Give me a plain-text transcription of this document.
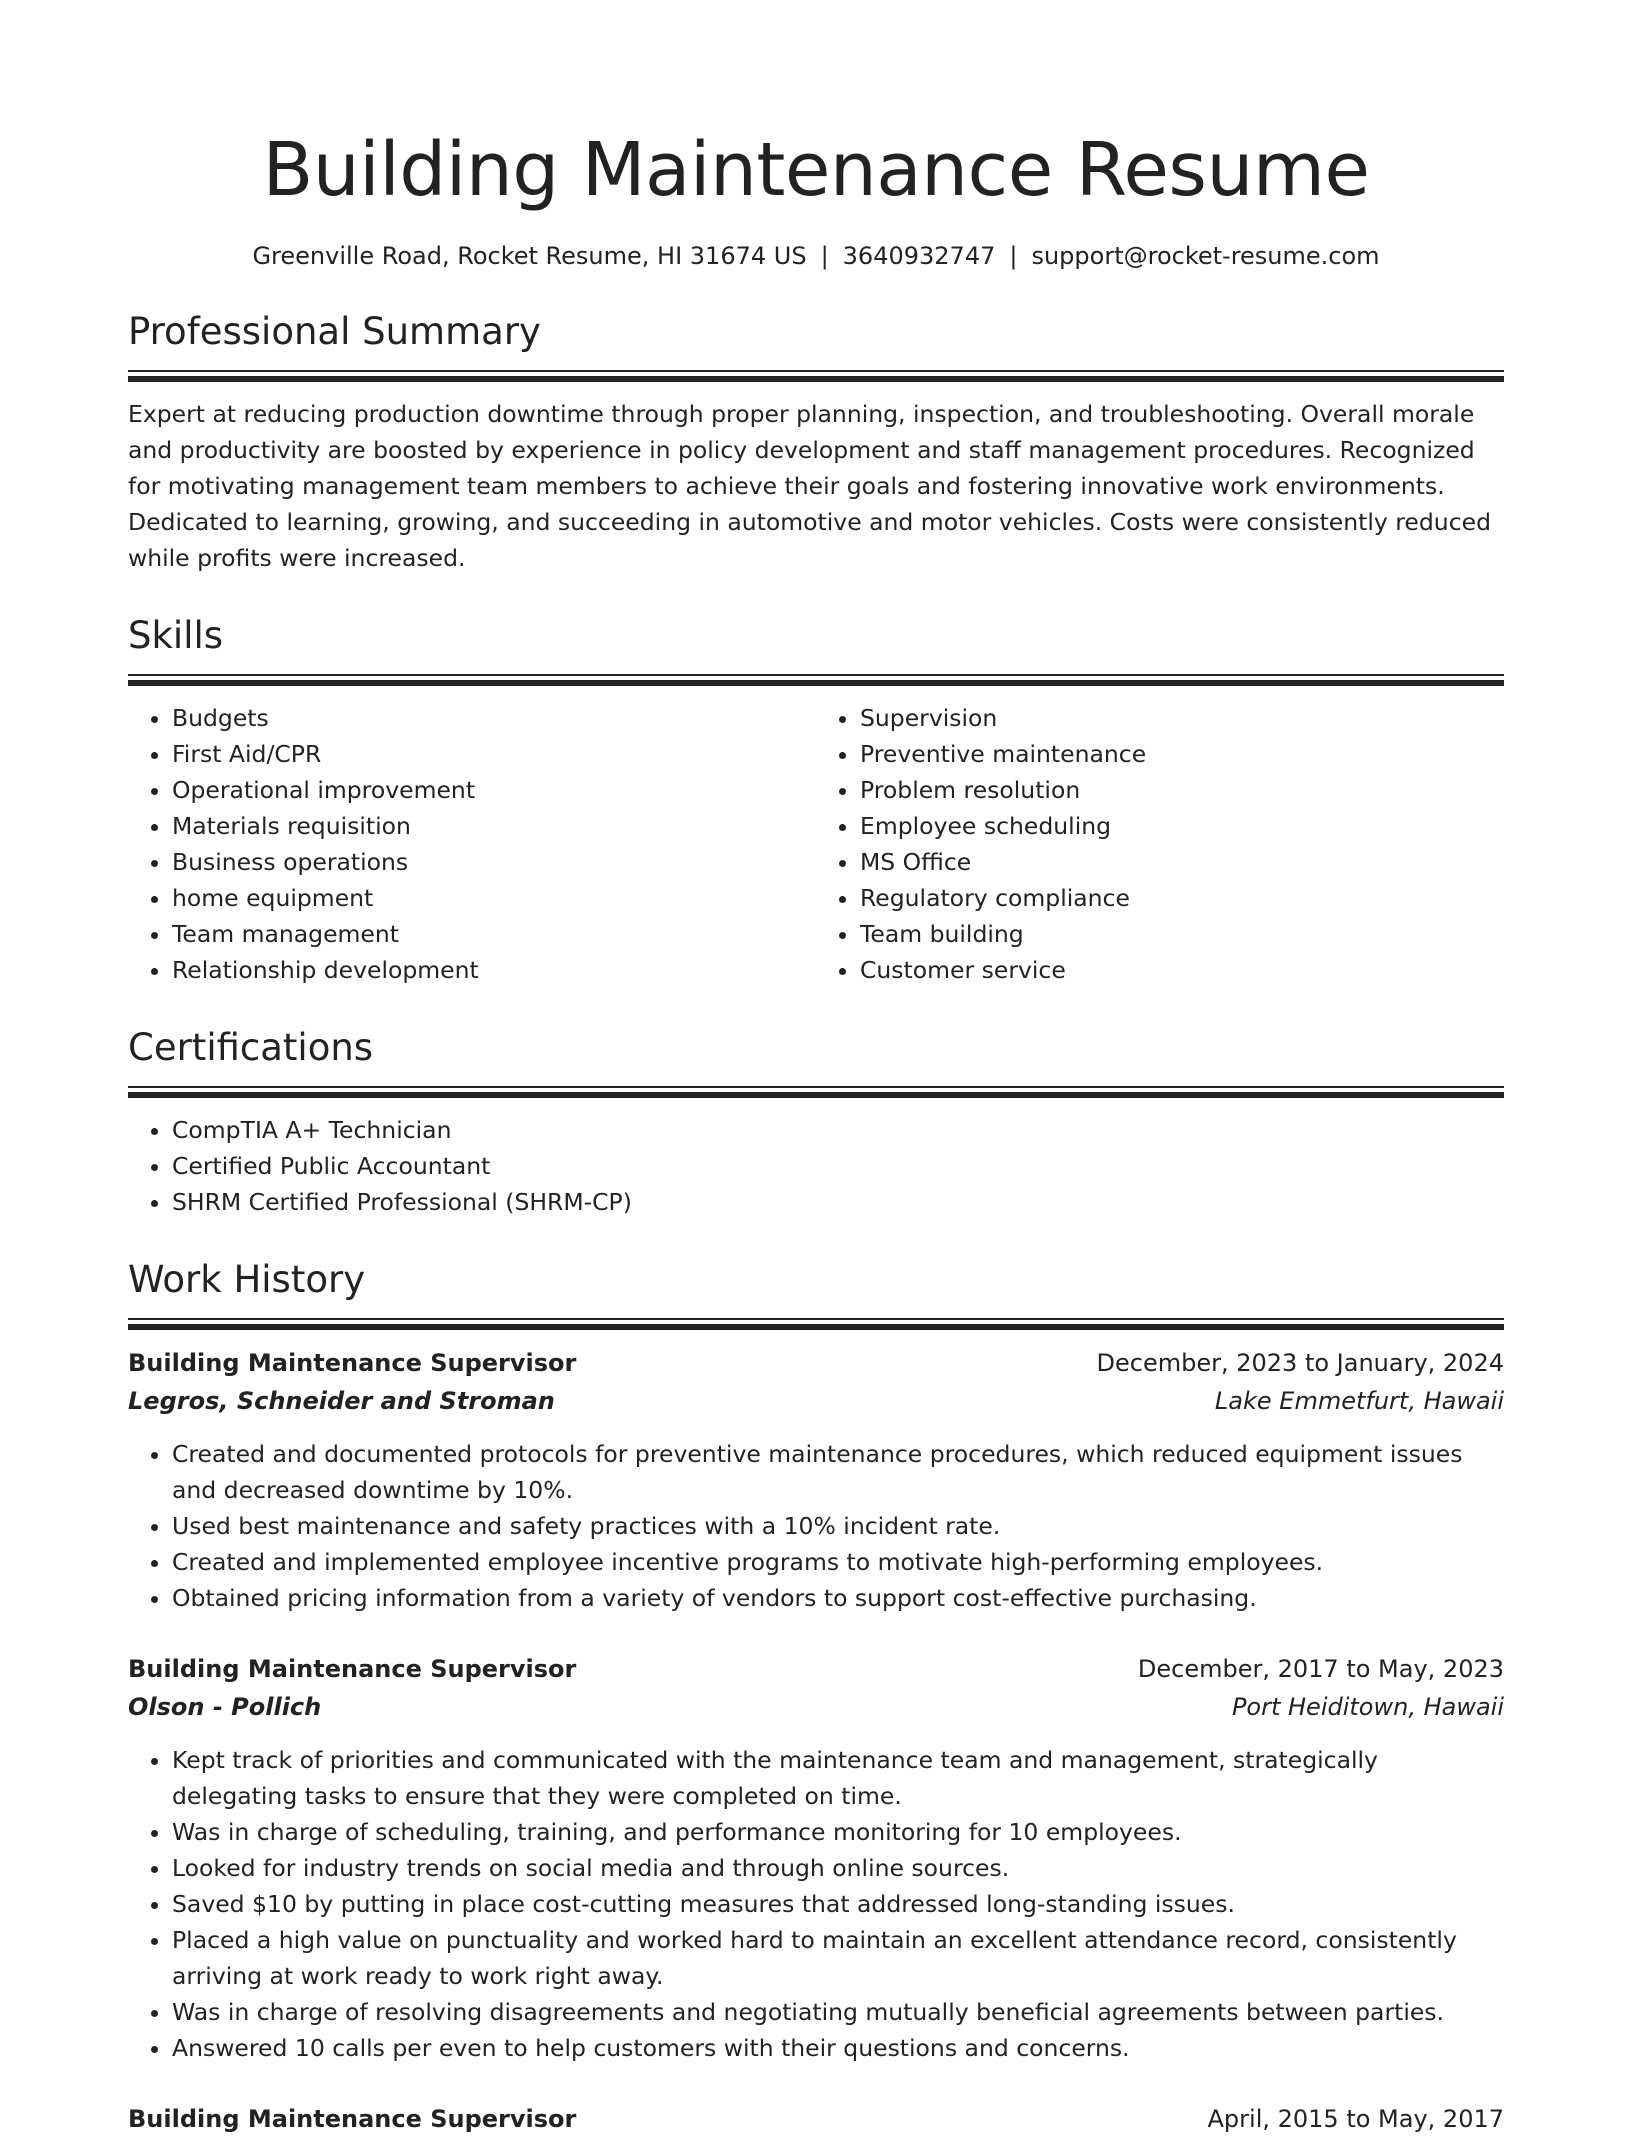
Building Maintenance Resume
Greenville Road, Rocket Resume, HI 31674 US | 3640932747 | support@rocket-resume.com
Professional Summary

Expert at reducing production downtime through proper planning, inspection, and troubleshooting. Overall morale and productivity are boosted by experience in policy development and staff management procedures. Recognized for motivating management team members to achieve their goals and fostering innovative work environments. Dedicated to learning, growing, and succeeding in automotive and motor vehicles. Costs were consistently reduced while profits were increased.

Skills
• Budgets
• First Aid/CPR
• Operational improvement
• Materials requisition
• Business operations
• home equipment
• Team management
• Relationship development
• Supervision
• Preventive maintenance
• Problem resolution
• Employee scheduling
• MS Office
• Regulatory compliance
• Team building
• Customer service
Certifications
• CompTIA A+ Technician
• Certified Public Accountant
• SHRM Certified Professional (SHRM-CP)
Work History
Building Maintenance Supervisor	December, 2023 to January, 2024
Legros, Schneider and Stroman	Lake Emmetfurt, Hawaii
• Created and documented protocols for preventive maintenance procedures, which reduced equipment issues and decreased downtime by 10%.
• Used best maintenance and safety practices with a 10% incident rate.
• Created and implemented employee incentive programs to motivate high-performing employees.
• Obtained pricing information from a variety of vendors to support cost-effective purchasing.
Building Maintenance Supervisor	December, 2017 to May, 2023
Olson - Pollich	Port Heiditown, Hawaii
• Kept track of priorities and communicated with the maintenance team and management, strategically delegating tasks to ensure that they were completed on time.
• Was in charge of scheduling, training, and performance monitoring for 10 employees.
• Looked for industry trends on social media and through online sources.
• Saved $10 by putting in place cost-cutting measures that addressed long-standing issues.
• Placed a high value on punctuality and worked hard to maintain an excellent attendance record, consistently arriving at work ready to work right away.
• Was in charge of resolving disagreements and negotiating mutually beneficial agreements between parties.
• Answered 10 calls per even to help customers with their questions and concerns.
Building Maintenance Supervisor	April, 2015 to May, 2017
